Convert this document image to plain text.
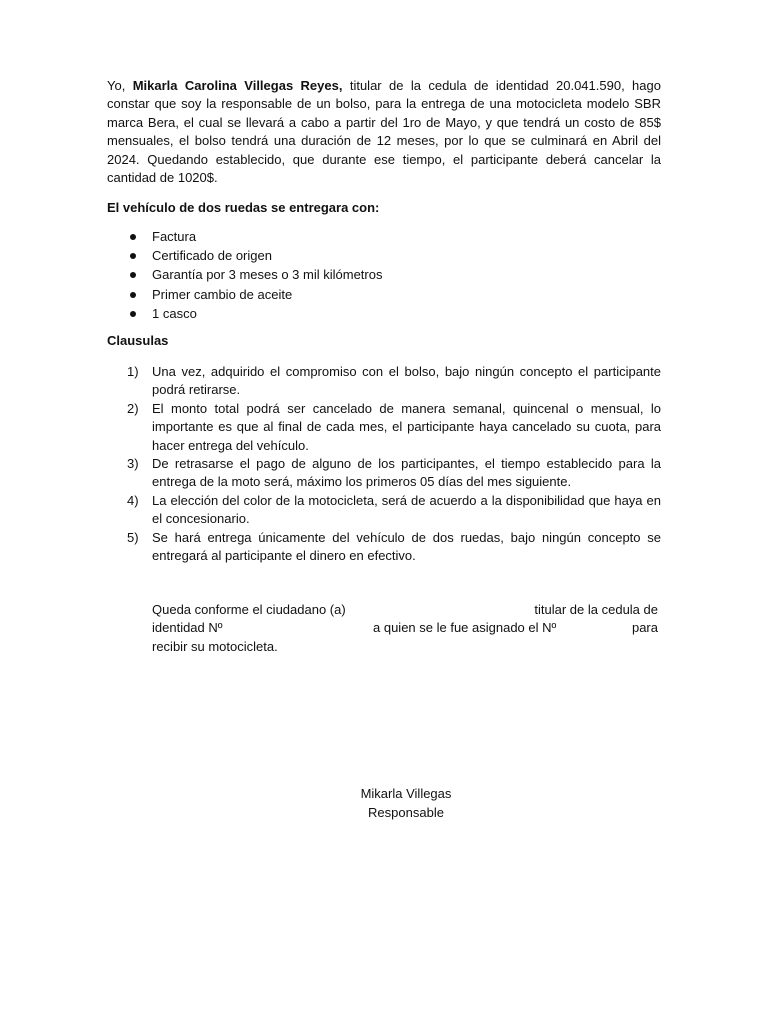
Yo, Mikarla Carolina Villegas Reyes, titular de la cedula de identidad 20.041.590, hago constar que soy la responsable de un bolso, para la entrega de una motocicleta modelo SBR marca Bera, el cual se llevará a cabo a partir del 1ro de Mayo, y que tendrá un costo de 85$ mensuales, el bolso tendrá una duración de 12 meses, por lo que se culminará en Abril del 2024. Quedando establecido, que durante ese tiempo, el participante deberá cancelar la cantidad de 1020$.

El vehículo de dos ruedas se entregara con:

Factura
Certificado de origen
Garantía por 3 meses o 3 mil kilómetros
Primer cambio de aceite
1 casco

Clausulas

1) Una vez, adquirido el compromiso con el bolso, bajo ningún concepto el participante podrá retirarse.
2) El monto total podrá ser cancelado de manera semanal, quincenal o mensual, lo importante es que al final de cada mes, el participante haya cancelado su cuota, para hacer entrega del vehículo.
3) De retrasarse el pago de alguno de los participantes, el tiempo establecido para la entrega de la moto será, máximo los primeros 05 días del mes siguiente.
4) La elección del color de la motocicleta, será de acuerdo a la disponibilidad que haya en el concesionario.
5) Se hará entrega únicamente del vehículo de dos ruedas, bajo ningún concepto se entregará al participante el dinero en efectivo.
Queda conforme el ciudadano (a)	titular de la cedula de
identidad Nº	a quien se le fue asignado el Nº	para
recibir su motocicleta.
Mikarla Villegas
Responsable
